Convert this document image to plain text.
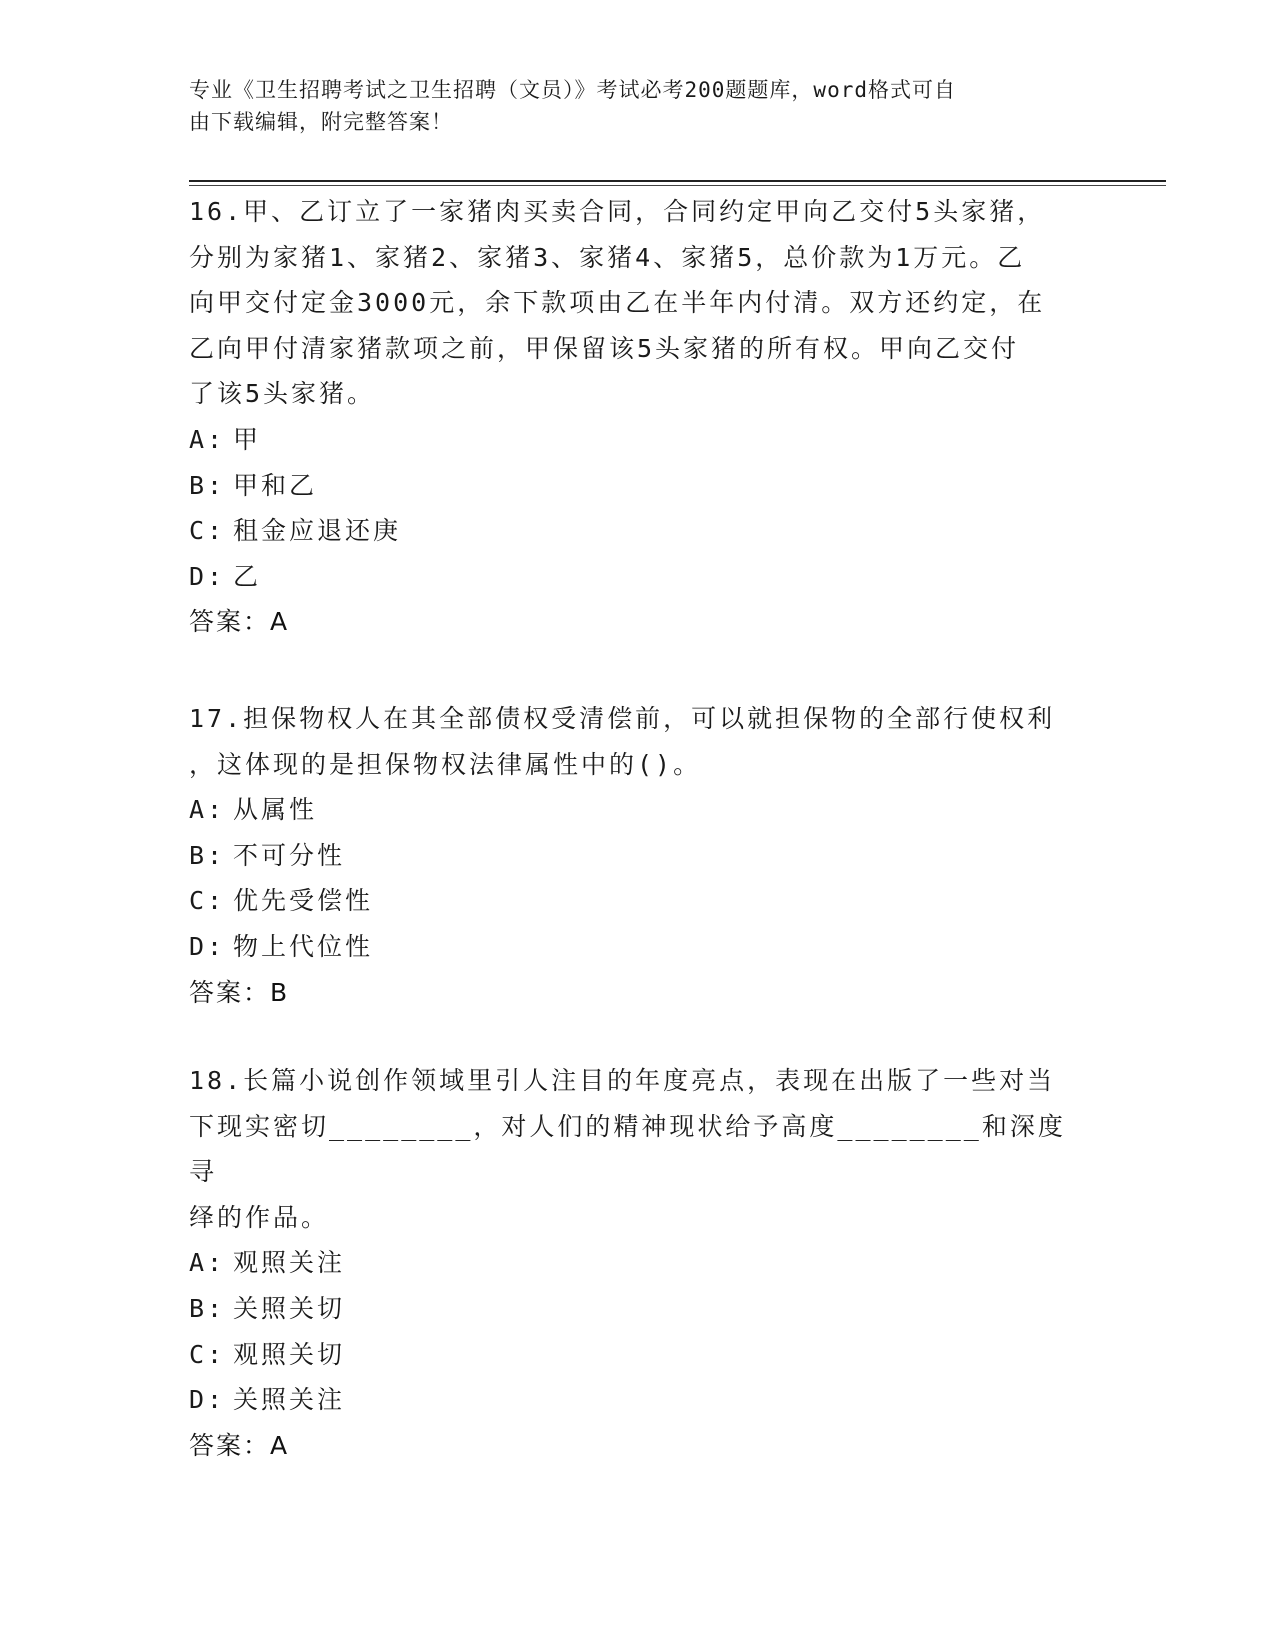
专业《卫生招聘考试之卫生招聘（文员）》考试必考200题题库，word格式可自
由下载编辑，附完整答案！
16.甲、乙订立了一家猪肉买卖合同，合同约定甲向乙交付5头家猪，
分别为家猪1、家猪2、家猪3、家猪4、家猪5，总价款为1万元。乙
向甲交付定金3000元，余下款项由乙在半年内付清。双方还约定，在
乙向甲付清家猪款项之前，甲保留该5头家猪的所有权。甲向乙交付
了该5头家猪。
A: 甲
B: 甲和乙
C: 租金应退还庚
D: 乙
答案：A
17.担保物权人在其全部债权受清偿前，可以就担保物的全部行使权利
，这体现的是担保物权法律属性中的()。
A: 从属性
B: 不可分性
C: 优先受偿性
D: 物上代位性
答案：B
18.长篇小说创作领域里引人注目的年度亮点，表现在出版了一些对当
下现实密切________，对人们的精神现状给予高度________和深度寻
绎的作品。
A: 观照关注
B: 关照关切
C: 观照关切
D: 关照关注
答案：A
